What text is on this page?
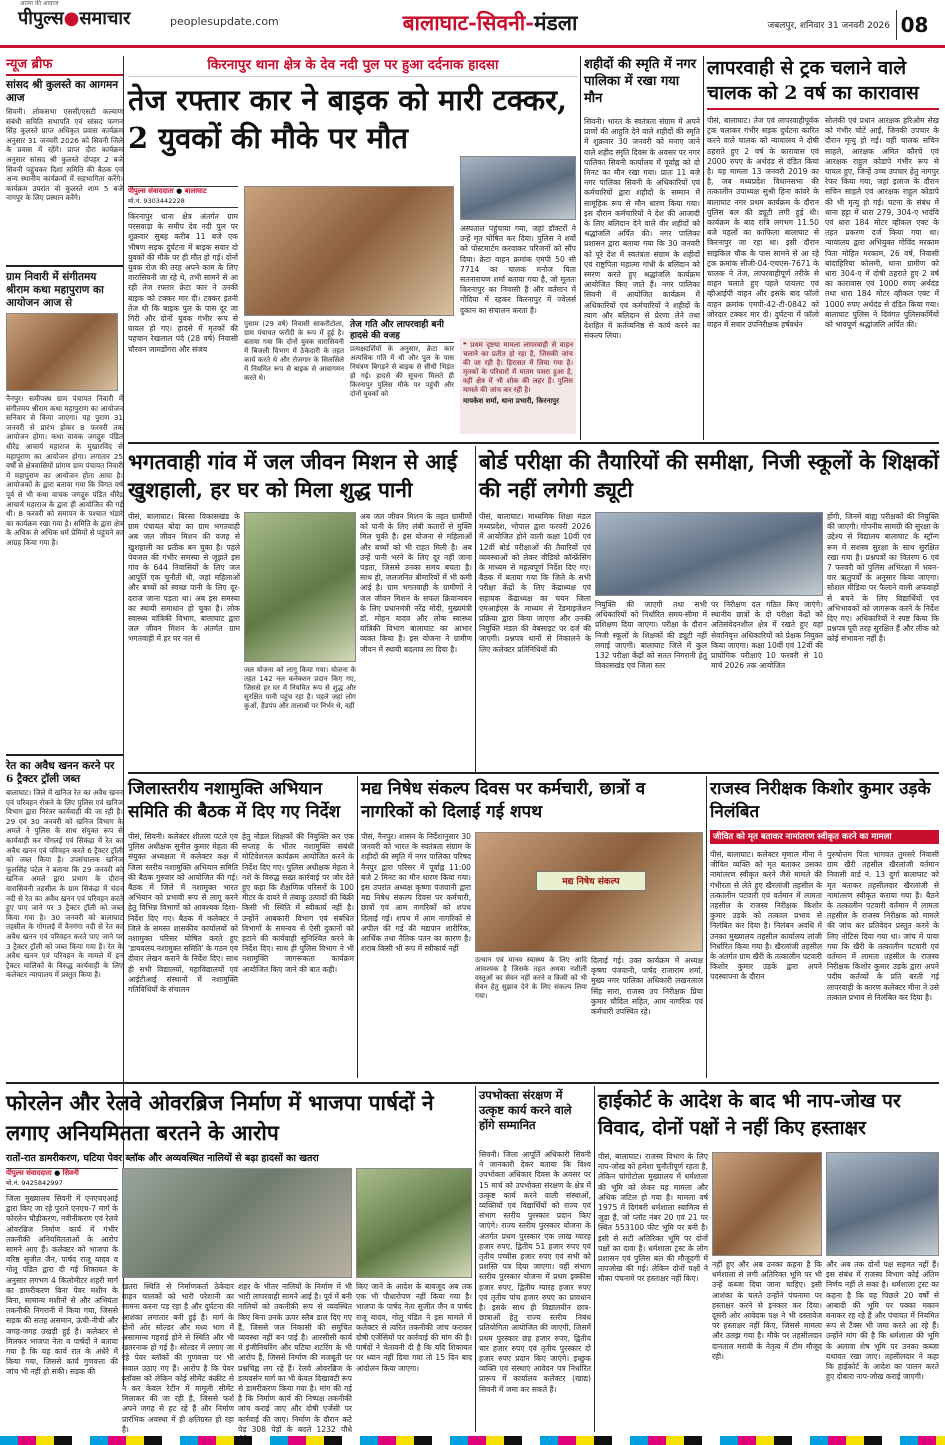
पीपुल्स●समाचार
आत्मा की आवाज
peoplesupdate.com	बालाघाट-सिवनी-मंडला	जबलपुर, शनिवार 31 जनवरी 2026 08
न्यूज ब्रीफ
सांसद श्री कुलस्ते का आगमन आज
सिवनी। लोकसभा एससी/एसटी कल्याण संबंधी समिति सभापति एवं सांसद फग्गन सिंह कुलस्ते प्राप्त अधिकृत प्रवास कार्यक्रम अनुसार 31 जनवरी 2026 को सिवनी जिले के प्रवास में रहेंगे। प्राप्त दौरा कार्यक्रम अनुसार सांसद श्री कुलस्ते दोपहर 2 बजे सिवनी पहुंचकर दिशा समिति की बैठक एवं अन्य स्थानीय कार्यक्रमों में सहभागिता करेंगे। कार्यक्रम उपरांत वो कुलस्ते शाम 5 बजे नागपुर के लिए प्रस्थान करेंगे।
ग्राम निवारी में संगीतमय श्रीराम कथा महापुराण का आयोजन आज से
नैनपुर। समीपस्थ ग्राम पंचायत निवारी में संगीतमय श्रीराम कथा महापुराण का आयोजन सनिवार से किया जाएगा। यह पुराण 31 जनवरी से प्रारंभ होकर 8 फरवरी तक आयोजन होगा। कथा वाचक जगद्गुरु पंडित धीरेंद्र आचार्य महाराज के मुखारविंद से महापुराण का आयोजन होगा। लगातार 25 वर्षों से क्षेत्रवासियों प्रांगण ग्राम पंचायत निवारी में महापुराण का आयोजन होता आया है। आयोजकों के द्वारा बताया गया कि विगत वर्ष पूर्व से भी कथा वाचक जगद्गुरु पंडित धीरेंद्र आचार्य महाराज के द्वारा ही आयोजित की गई थी। 8 फरवरी को समापन के पश्चात भंडारे का कार्यक्रम रखा गया है। समिति के द्वारा क्षेत्र के अधिक से अधिक धर्म प्रेमियों से पहुंचने का आग्रह किया गया है।
रेत का अवैध खनन करने पर 6 ट्रैक्टर ट्रॉली जब्त
बालाघाट। जिले में खनिज रेत का अवैध खनन एवं परिवहन रोकने के लिए पुलिस एवं खनिज विभाग द्वारा निरंतर कार्यवाही की जा रही है। 29 एवं 30 जनवरी को खनिज विभाग के अमले ने पुलिस के साथ संयुक्त रूप से कार्यवाही कर गोंगलई एवं सिकंद्रा में रेत का अवैध खनन एवं परिवहन करते 6 ट्रैक्टर ट्रॉली को जब्त किया है। उपसंचालक खनिज फूलसिंह पटेल ने बताया कि 29 जनवरी को खनिज अमले द्वारा प्रभाग के दौरान वारासिवनी तहसील के ग्राम सिकंद्रा में चंदन नदी से रेत का अवैध खनन एवं परिवहन करते हुए पाए जाने पर 3 ट्रैक्टर ट्रॉली को जब्त किया गया है। 30 जनवरी को बालाघाट तहसील के गोंगलई में वैनगंगा नदी से रेत का अवैध खनन एवं परिवहन करते पाए जाने पर 3 ट्रैक्टर ट्रॉली को जब्त किया गया है। रेत के अवैध खनन एवं परिवहन के मामले में इन ट्रैक्टर मालिकों के विरुद्ध कार्यवाही के लिए कलेक्टर न्यायालय में प्रस्तुत किया है।
किरनापुर थाना क्षेत्र के देव नदी पुल पर हुआ दर्दनाक हादसा
तेज रफ्तार कार ने बाइक को मारी टक्कर, 2 युवकों की मौके पर मौत
पीपुल्स संवाददाता ● बालाघाट
मो.नं. 9303442228
किरनापुर थाना क्षेत्र अंतर्गत ग्राम परसवाड़ा के समीप देव नदी पुल पर शुक्रवार सुबह करीब 11 बजे एक भीषण सड़क दुर्घटना में बाइक सवार दो युवकों की मौके पर ही मौत हो गई। दोनों युवक रोज की तरह अपने काम के लिए वारासिवनी जा रहे थे, तभी सामने से आ रही तेज रफ्तार क्रेटा कार ने उनकी बाइक को टक्कर मार दी। टक्कर इतनी तेज थी कि बाइक पुल के पास दूर जा गिरी और दोनों युवक गंभीर रूप से घायल हो गए। हादसे में मृतकों की पहचान रेखलाल पंदे (28 वर्ष) निवासी चौरवन जामडोंगरा और संजय
पुसाम (29 वर्ष) निवासी साकरीटोला, ग्राम पंचायत फरोंदी के रूप में हुई है। बताया गया कि दोनों युवक वारासिवनी में बिजली विभाग में ठेकेदारी के तहत कार्य करते थे और रोजगार के सिलसिले में नियमित रूप से बाइक से आवागमन करते थे।
तेज गति और लापरवाही बनी हादसे की वजह
प्रत्यक्षदर्शियों के अनुसार, क्रेटा कार अत्यधिक गति में थी और पुल के पास नियंत्रण बिगड़ने से बाइक से सीधी भिड़ंत हो गई। हादसे की सूचना मिलते ही किरनापुर पुलिस मौके पर पहुंची और दोनों युवकों को
अस्पताल पहुंचाया गया, जहां डॉक्टरों ने उन्हें मृत घोषित कर दिया। पुलिस ने शवों को पोस्टमार्टम करवाकर परिजनों को सौंप दिया। क्रेटा वाहन क्रमांक एमपी 50 सी 7714 का चालक मनोज पिता सतनारायण शर्मा बताया गया है, जो मूलतः किरनापुर का निवासी है और वर्तमान में गोंदिया में रहकर किरनापुर में ज्वेलर्स दुकान का संचालन करता है।
❝ प्रथम दृष्टया मामला लापरवाही से वाहन चलाने का प्रतीत हो रहा है, जिसकी जांच की जा रही है। हिरासत में लिया गया है। मृतकों के परिवारों में मातम पसरा हुआ है, वहीं क्षेत्र में भी शोक की लहर है। पुलिस मामले की जांच कर रही है।
मायकेश शर्मा, थाना प्रभारी, किरनापुर
शहीदों की स्मृति में नगर पालिका में रखा गया मौन
सिवनी। भारत के स्वतंत्रता संग्राम में अपने प्राणों की आहुति देने वाले शहीदों की स्मृति में शुक्रवार 30 जनवरी को मनाए जाने वाले शहीद स्मृति दिवस के अवसर पर नगर पालिका सिवनी कार्यालय में पूर्वाह्न को दो मिनट का मौन रखा गया। प्रातः 11 बजे नगर पालिका सिवनी के अधिकारियों एवं कर्मचारियों द्वारा शहीदों के सम्मान में सामूहिक रूप से मौन धारण किया गया। इस दौरान कर्मचारियों ने देश की आजादी के लिए बलिदान देने वाले वीर शहीदों को श्रद्धांजलि अर्पित की। नगर पालिका प्रशासन द्वारा बताया गया कि 30 जनवरी को पूरे देश में स्वतंत्रता संग्राम के शहीदों एवं राष्ट्रपिता महात्मा गांधी के बलिदान को स्मरण करते हुए श्रद्धांजलि कार्यक्रम आयोजित किए जाते हैं। नगर पालिका सिवनी में आयोजित कार्यक्रम में अधिकारियों एवं कर्मचारियों ने शहीदों के त्याग और बलिदान से प्रेरणा लेने तथा देशहित में कर्तव्यनिष्ठ से कार्य करने का संकल्प लिया।
लापरवाही से ट्रक चलाने वाले चालक को 2 वर्ष का कारावास
पीसं, बालाघाट। तेज एवं लापरवाहीपूर्वक ट्रक चलाकर गंभीर सड़क दुर्घटना कारित करने वाले चालक को न्यायालय ने दोषी ठहराते हुए 2 वर्ष के कारावास एवं 2000 रुपए के अर्थदंड से दंडित किया है। यह मामला 13 जनवरी 2019 का है, जब मध्यप्रदेश विधानसभा की तत्कालीन उपाध्यक्ष सुश्री हिना कांवरे के बालाघाट नगर प्रथम कार्यक्रम के दौरान पुलिस बल की ड्यूटी लगी हुई थी। कार्यक्रम के बाद रात्रि लगभग 11.50 बजे पहलों का काफिला बालाघाट से किरनापुर जा रहा था। इसी दौरान साइकिल चौक के पास सामने से आ रहे ट्रक क्रमांक सीजी-04-एचएस-7671 के चालक ने तेज, लापरवाहीपूर्ण तरीके से वाहन चलाते हुए पहले पायलट एवं व्हीआईपी वाहन और इसके बाद फॉलो वाहन क्रमांक एमपी-42-टी-0842 को जोरदार टक्कर मार दी। दुर्घटना में फॉलो वाहन में सवार उपनिरीक्षक हर्षवर्धन
सोलंकी एवं प्रधान आरक्षक हरिओम सेख को गंभीर चोटें आईं, जिनकी उपचार के दौरान मृत्यु हो गई। वहीं चालक सचिन साहले, आरक्षक अमित कौरचे एवं आरक्षक राहुल कोडापे गंभीर रूप से घायल हुए, जिन्हें उच्च उपचार हेतु नागपुर रेफर किया गया, जहां इलाज के दौरान सचिन साहले एवं आरक्षक राहुल कोडापे की भी मृत्यु हो गई। घटना के संबंध में थाना हट्टा में धारा 279, 304-ए भादंवि एवं धारा 184 मोटर व्हीकल एक्ट के तहत प्रकरण दर्ज किया गया था। न्यायालय द्वारा अभियुक्त गोविंद मरकाम पिता मोहित मरकाम, 26 वर्ष, निवासी बांदाहिरिया कोलमी, थाना ग्रामीण को धारा 304-ए में दोषी ठहराते हुए 2 वर्ष का कारावास एवं 1000 रुपए अर्थदंड तथा धारा 184 मोटर व्हीकल एक्ट में 1000 रुपए अर्थदंड से दंडित किया गया। बालाघाट पुलिस ने दिवंगत पुलिसकर्मियों को भावपूर्ण श्रद्धांजलि अर्पित की।
भगतवाही गांव में जल जीवन मिशन से आई खुशहाली, हर घर को मिला शुद्ध पानी
पीसं, बालाघाट। बिरसा विकासखंड के ग्राम पंचायत बोदा का ग्राम भगतवाही अब जल जीवन मिशन की वजह से खुशहाली का प्रतीक बन चुका है। पहले पेयजल की गंभीर समस्या से जूझते इस गांव के 644 निवासियों के लिए जल आपूर्ति एक चुनौती थी, जहां महिलाओं और बच्चों को स्वच्छ पानी के लिए दूर-दराज जाना पड़ता था। अब इस समस्या का स्थायी समाधान हो चुका है। लोक स्वास्थ्य यांत्रिकी विभाग, बालाघाट द्वारा जल जीवन मिशन के अंतर्गत ग्राम भगतवाही में हर घर नल से
जल योजना को लागू किया गया। योजना के तहत 142 नल कनेक्शन प्रदान किए गए, जिससे हर घर में नियमित रूप से शुद्ध और सुरक्षित पानी पहुंच रहा है। पहले जहां लोग कुओं, हैंडपंप और तालाबों पर निर्भर थे, वहीं
अब जल जीवन मिशन के तहत ग्रामीणों को पानी के लिए लंबी कतारों से मुक्ति मिल चुकी है। इस योजना से महिलाओं और बच्चों को भी राहत मिली है। अब उन्हें पानी भरने के लिए दूर नहीं जाना पड़ता, जिससे उनका समय बचता है। साथ ही, जलजनित बीमारियों में भी कमी आई है। ग्राम भगतवाही के ग्रामीणों ने जल जीवन मिशन के सफल क्रियान्वयन के लिए प्रधानमंत्री नरेंद्र मोदी, मुख्यमंत्री डॉ. मोहन यादव और लोक स्वास्थ्य यांत्रिकी विभाग बालाघाट का आभार व्यक्त किया है। इस योजना ने ग्रामीण जीवन में स्थायी बदलाव ला दिया है।
बोर्ड परीक्षा की तैयारियों की समीक्षा, निजी स्कूलों के शिक्षकों की नहीं लगेगी ड्यूटी
पीसं, बालाघाट। माध्यमिक शिक्षा मंडल मध्यप्रदेश, भोपाल द्वारा फरवरी 2026 में आयोजित होने वाली कक्षा 10वीं एवं 12वीं बोर्ड परीक्षाओं की तैयारियों एवं व्यवस्थाओं को लेकर वीडियो कॉन्फ्रेंसिंग के माध्यम से महत्वपूर्ण निर्देश दिए गए। बैठक में बताया गया कि जिले के सभी परीक्षा केंद्रों के लिए केंद्राध्यक्ष एवं सहायक केंद्राध्यक्ष का चयन जिला एमआईएस के माध्यम से रेंडमाइजेशन प्रक्रिया द्वारा किया जाएगा और उनकी नियुक्ति मंडल की वेबसाइट पर दर्ज की जाएगी। प्रश्नपत्र थानों से निकालने के लिए कलेक्टर प्रतिनिधियों की
नियुक्ति की जाएगी तथा सभी अधिकारियों को निर्धारित समय-सीमा में प्रशिक्षण दिया जाएगा। परीक्षा के दौरान निजी स्कूलों के शिक्षकों की ड्यूटी नहीं लगाई जाएगी। बालाघाट जिले में कुल 132 परीक्षा केंद्रों को सतत निगरानी हेतु विकासखंड एवं जिला स्तर
पर निरीक्षण दल गठित किए जाएंगे। स्थानीय छात्रों के दो परीक्षा केंद्रों को अतिसंवेदनशील क्षेत्र में रखते हुए वहां सेवानिवृत्त अधिकारियों को प्रेक्षक नियुक्त किया जाएगा। कक्षा 10वीं एवं 12वीं की प्रायोगिक परीक्षाएं 10 फरवरी से 10 मार्च 2026 तक आयोजित
होंगी, जिनमें बाह्य परीक्षकों की नियुक्ति की जाएगी। गोपनीय सामग्री की सुरक्षा के उद्देश्य से विद्यालय बालाघाट के स्ट्रॉन्ग रूम में सशस्त्र सुरक्षा के साथ सुरक्षित रखा गया है। प्रश्नपत्रों का वितरण 6 एवं 7 फरवरी को पुलिस अभिरक्षा में भवन-वार ऋतुपर्वों के अनुसार किया जाएगा। सोशल मीडिया पर फैलाने वाली अफवाहों से बचने के लिए विद्यार्थियों एवं अभिभावकों को जागरूक करने के निर्देश दिए गए। अधिकारियों ने स्पष्ट किया कि प्रश्नपत्र पूरी तरह सुरक्षित हैं और लीक को कोई संभावना नहीं है।
जिलास्तरीय नशामुक्ति अभियान समिति की बैठक में दिए गए निर्देश
पीसं, सिवनी। कलेक्टर शीतला पटले एवं पुलिस अधीक्षक सुनील कुमार मेहता की संयुक्त अध्यक्षता में कलेक्टर कक्ष में जिला स्तरीय नशामुक्ति अभियान समिति की बैठक गुरुवार को आयोजित की गई। बैठक में जिले में नशामुक्त भारत अभियान को प्रभावी रूप से लागू करने हेतु विभिन्न विभागों को आवश्यक दिशा-निर्देश दिए गए। बैठक में कलेक्टर ने जिले के समस्त शासकीय कार्यालयों को नशामुक्त परिसर घोषित करते हुए 'डायवलय नशामुक्त समिति' के गठन एवं दीवार लेखन कराने के निर्देश दिए। साथ ही सभी विद्यालयों, महाविद्यालयों एवं आईटीआई संस्थानों में नशामुक्ति गतिविधियों के संचालन
हेतु नोडल शिक्षकों की नियुक्ति कर एक सप्ताह के भीतर नशामुक्ति संबंधी मोटिवेशनल कार्यक्रम आयोजित करने के निर्देश दिए गए। पुलिस अधीक्षक मेहता ने नशे के विरुद्ध सख्त कार्रवाई पर जोर देते हुए कहा कि शैक्षणिक परिसरों के 100 मीटर के दायरे में तंबाकू उत्पादों की बिक्री किसी भी स्थिति में स्वीकार्य नहीं है। उन्होंने आबकारी विभाग एवं संबंधित विभागों के समन्वय से ऐसी दुकानों को हटाने की कार्यवाही सुनिश्चित करने के निर्देश दिए। साथ ही पुलिस विभाग ने भी नशामुक्ति जागरूकता कार्यक्रम आयोजित किए जाने की बात कही।
मद्य निषेध संकल्प दिवस पर कर्मचारी, छात्रों व नागरिकों को दिलाई गई शपथ
पीसं, नैनपुर। शासन के निर्देशानुसार 30 जनवरी को भारत के स्वतंत्रता संग्राम के शहीदों की स्मृति में नगर पालिका परिषद नैनपुर द्वारा परिसर में पूर्वाह्न 11:00 बजे 2 मिनट का मौन धारण किया गया। इस उपरांत अध्यक्ष कृष्णा पंजवानी द्वारा मद्य निषेध संकल्प दिवस पर कर्मचारी, छात्रों एवं आम नागरिकों को शपथ दिलाई गई। शपथ में आम नागरिकों से अपील की गई की मद्यपान शारीरिक, आर्थिक तथा नैतिक पतन का कारण है। शराब किसी भी रूप में स्वीकार्य नहीं
मद्य निषेध संकल्प
उत्थान एवं मानव स्वास्थ्य के लिए आदि आवश्यक है जिसके तहत अथवा नशीली वस्तुओं का सेवन नहीं करने व किसी को भी सेवन हेतु सुझाव देने के लिए संकल्प लिया गया।
दिलाई गई। उक्त कार्यक्रम में अध्यक्ष कृष्णा पंजवानी, पार्षद राजाराम शर्मा, मुख्य नगर पालिका अधिकारी लखनलाल सिंह सारा, राजस्व उप निरीक्षक प्रिया कुमार चौदिल सहित, आम नागरिक एवं कर्मचारी उपस्थित रहे।
राजस्व निरीक्षक किशोर कुमार उड़के निलंबित
जीवित को मृत बताकर नामांतरण स्वीकृत करने का मामला
पीसं, बालाघाट। कलेक्टर मृणाल मीना ने जीवित व्यक्ति को मृत बताकर उसका नामांतरण स्वीकृत करने जैसे मामले की गंभीरता से लेते हुए खैरलांजी तहसील के तत्कालीन पटवारी एवं वर्तमान में लामता तहसील के राजस्व निरीक्षक किशोर कुमार उड़के को तत्काल प्रभाव से निलंबित कर दिया है। निलंबन अवधि में उनका मुख्यालय तहसील कार्यालय लांजी निर्धारित किया गया है। खैरलांजी तहसील के अंतर्गत ग्राम खैरी के तत्कालीन पटवारी किशोर कुमार उड़के द्वारा अपने पदस्थापना के दौरान
पुरुषोत्तम पिता भागवत तुमसरे निवासी ग्राम खैरी तहसील खैरलांजी वर्तमान निवासी वार्ड नं. 13 दुर्गा बालाघाट को मृत बताकर तहसीलदार खैरलांजी से नामांतरण स्वीकृत कराया गया है। बैठने के तत्कालीन पटवारी वर्तमान में लामता तहसील के राजस्व निरीक्षक को मामले की जांच कर प्रतिवेदन प्रस्तुत करने के लिए नोटिस दिया गया था। जांच में पाया गया कि खैरी के तत्कालीन पटवारी एवं वर्तमान में लामता तहसील के राजस्व निरीक्षक किशोर कुमार उड़के द्वारा अपने पदीय कर्तव्यों के प्रति बरती गई लापरवाही के कारण कलेक्टर मीना ने उसे तत्काल प्रभाव से निलंबित कर दिया है।
फोरलेन और रेलवे ओवरब्रिज निर्माण में भाजपा पार्षदों ने लगाए अनियमितता बरतने के आरोप
रातों-रात डामरीकरण, घटिया पेवर ब्लॉक और अव्यवस्थित नालियों से बढ़ा हादसों का खतरा
पीपुल्स संवाददाता ● सिवनी
मो.नं. 9425842997
जिला मुख्यालय सिवनी में एनएचएआई द्वारा किए जा रहे पुराने एनएच-7 मार्ग के फोरलेन चौड़ीकरण, नवीनीकरण एवं रेलवे ओवरब्रिज निर्माण कार्य में गंभीर तकनीकी अनियमितताओं के आरोप सामने आए हैं। कलेक्टर को भाजपा के वरिष्ठ सुजीत जैन, पार्षद राजू यादव व गोलू पंडित द्वारा दी गई शिकायत के अनुसार लगभग 4 किलोमीटर शहरी मार्ग का डामरीकरण बिना पेवर मशीन के बिना, सामान्य मशीनों से और अभियंता तकनीकी निगरानी में किया गया, जिससे सड़क की सतह असमान, ऊंची-नीची और जगह-जगह उखड़ी हुई है। कलेक्टर से मिलकर भाजपा नेता व पार्षदों ने बताया गया है कि यह कार्य रात के अंधेरे में किया गया, जिससे कार्य गुणवत्ता की जांच भी नहीं हो सकी। सड़क की
खतरा स्थिति से निर्माणकर्ता ठेकेदार वाहन चालकों को भारी परेशानी का सामना करना पड़ रहा है और दुर्घटना की आशंका लगातार बनी हुई है। मार्ग के दोनों ओर सोल्डर और मध्य भाग में असामान्य गहराई होने से स्थिति और भी खतरनाक हो गई है। सोल्डर में लगाए जा रहे पेवर ब्लॉकों की गुणवत्ता पर भी सवाल उठाए गए हैं। आरोप है कि पेवर ब्लॉक्स को लेकिन कोई सीमेंट कंक्रीट से न कर केवल रेटीन में मामूली सीमेंट मिलाकर की जा रही है, जिससे फर्श अपने जगह से हट रहे हैं और निर्माण प्रारंभिक अवस्था में ही क्षतिग्रस्त हो रहा है।
शहर के भीतर नालियों के निर्माण में भी भारी लापरवाही सामने आई है। पूर्व में बनी नालियों को तकनीकी रूप से व्यवस्थित किए बिना उनके ऊपर स्लैब डाल दिए गए हैं, जिससे जल निकासी की समुचित व्यवस्था नहीं बन पाई है। आरसीसी कार्य में इंजीनियरिंग और घटिया शटरिंग के भी आरोप हैं, जिससे निर्माण की मजबूती पर प्रश्नचिह्न लग रहे हैं। रेलवे ओवरब्रिज के डायवर्सन मार्ग का भी केवल दिखावटी रूप से डामरीकरण किया गया है। मांग की गई है कि निर्माण कार्य की निष्पक्ष तकनीकी जांच कराई जाए और दोषी एजेंसी पर कार्रवाई की जाए। निर्माण के दौरान कटे पेड़ 308 पेड़ों के बदले 1232 पौधे
किए जाने के आदेश के बावजूद अब तक एक भी पौधारोपण नहीं किया गया है। भाजपा के पार्षद नेता सुजीत जैन व पार्षद राजू यादव, गोलू पंडित ने इस मामले में कलेक्टर से त्वरित तकनीकी जांच कराकर दोषी एजेंसियों पर कार्रवाई की मांग की है। पार्षदों ने चेतावनी दी है कि यदि शिकायत पर ध्यान नहीं दिया गया तो 15 दिन बाद आंदोलन किया जाएगा।
उपभोक्ता संरक्षण में उत्कृष्ट कार्य करने वाले होंगे सम्मानित
सिवनी। जिला आपूर्ति अधिकारी सिवनी ने जानकारी देकर बताया कि विश्व उपभोक्ता अधिकार दिवस के अवसर पर 15 मार्च को उपभोक्ता संरक्षण के क्षेत्र में उत्कृष्ट कार्य करने वाली संस्थाओं, व्यक्तियों एवं विद्यार्थियों को राज्य एवं संभाग स्तरीय पुरस्कार प्रदान किए जाएंगे। राज्य स्तरीय पुरस्कार योजना के अंतर्गत प्रथम पुरस्कार एक लाख ग्यारह हजार रुपए, द्वितीय 51 हजार रुपए एवं तृतीय पच्चीस हजार रुपए एवं सभी को प्रशस्ति पत्र दिया जाएगा। वहीं संभाग स्तरीय पुरस्कार योजना में प्रथम इक्कीस हजार रुपए, द्वितीय ग्यारह हजार रुपए एवं तृतीय पांच हजार रुपए का प्रावधान है। इसके साथ ही विद्यालयीन छात्र-छात्राओं हेतु राज्य स्तरीय निबंध प्रतियोगिता आयोजित की जाएगी, जिसमें प्रथम पुरस्कार छह हजार रुपए, द्वितीय चार हजार रुपए एवं तृतीय पुरस्कार दो हजार रुपए प्रदान किए जाएंगे। इच्छुक व्यक्ति एवं संस्थाएं आवेदन पत्र निर्धारित प्रारूप में कार्यालय कलेक्टर (खाद्य) सिवनी में जमा कर सकते हैं।
हाईकोर्ट के आदेश के बाद भी नाप-जोख पर विवाद, दोनों पक्षों ने नहीं किए हस्ताक्षर
पीसं, बालाघाट। राजस्व विभाग के लिए नाप-जोख को हमेशा चुनौतीपूर्ण रहता है, लेकिन चांगोटोला मुख्यालय में धर्मशाला की भूमि को लेकर यह मामला और अधिक जटिल हो गया है। मामला वर्ष 1975 में दिगंबरी धर्मशाला स्वामित्व से जुड़ा है, जो प्लॉट नंबर 20 एवं 21 पर स्थित 553100 फीट भूमि पर बनी है। इसी से सटी अतिरिक्त भूमि पर दोनों पक्षों का दावा है। धर्मशाला ट्रस्ट के लोग प्रशासन एवं पुलिस बल की मौजूदगी में नापजोख की गई। लेकिन दोनों पक्षों ने मौका पंचनामे पर हस्ताक्षर नहीं किए।
नहीं हुए और अब उनका कहना है कि धर्मशाला से लगी अतिरिक्त भूमि पर भी उन्हें कब्जा दिया जाना चाहिए। इसी आशंका के चलते उन्होंने पंचनामा पर हस्ताक्षर करने से इनकार कर दिया। दूसरी ओर आवेदक पक्ष ने भी दस्तावेज पर हस्ताक्षर नहीं किए, जिससे मामला और उलझ गया है। मौके पर तहसीलदार दानताल मरावी के नेतृत्व में टीम मौजूद रही।
और अब तक दोनों पक्ष सहमत नहीं हैं। इस संबंध में राजस्व विभाग कोई अंतिम निर्णय नहीं ले सका है। धर्मशाला ट्रस्ट का कहना है कि वह पिछले 20 वर्षों से आबादी की भूमि पर पक्का मकान बनाकर रह रहे हैं और पंचायत में नियमित रूप से टैक्स भी जमा करते आ रहे हैं। उन्होंने मांग की है कि धर्मशाला की भूमि के अलावा शेष भूमि पर उनका कब्जा यथावत रखा जाए। तहसीलदार ने कहा कि हाईकोर्ट के आदेश का पालन करते हुए दोबारा नाप-जोख कराई जाएगी।
